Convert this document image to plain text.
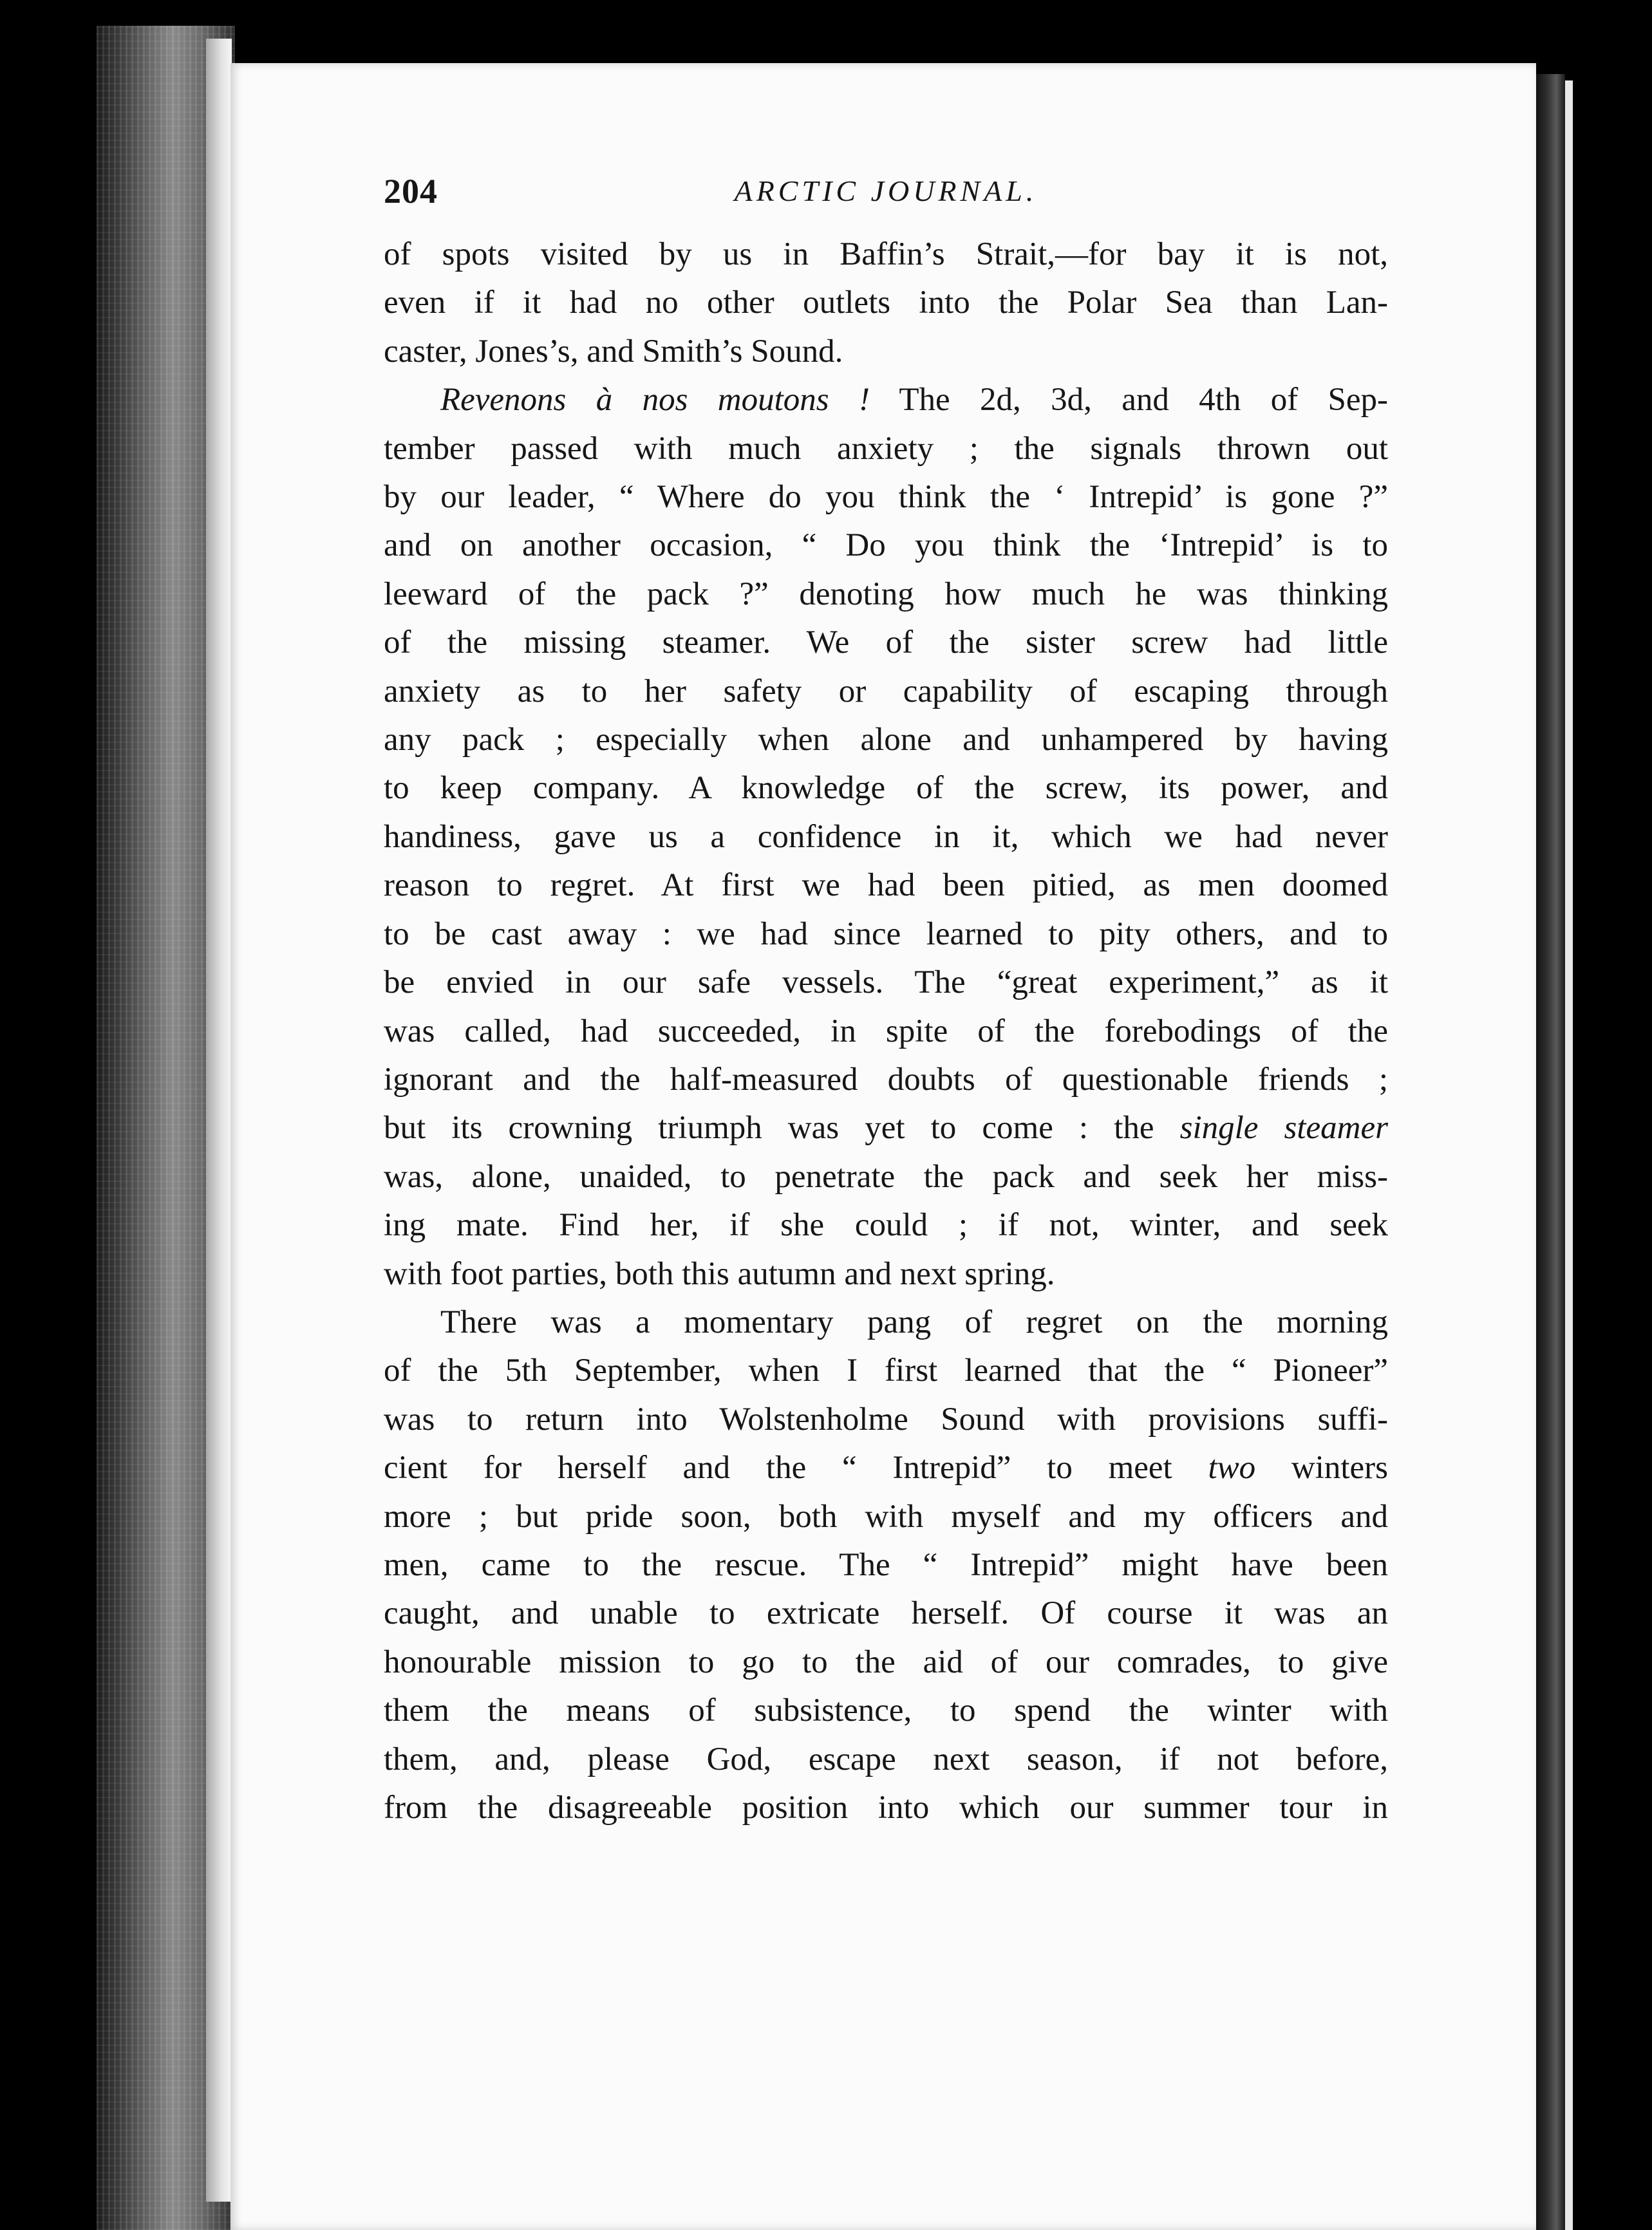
204	ARCTIC JOURNAL.

of spots visited by us in Baffin’s Strait,—for bay it is not,

even if it had no other outlets into the Polar Sea than Lan-

caster, Jones’s, and Smith’s Sound.

Revenons à nos moutons ! The 2d, 3d, and 4th of Sep-

tember passed with much anxiety ; the signals thrown out

by our leader, “ Where do you think the ‘ Intrepid’ is gone ?”

and on another occasion, “ Do you think the ‘Intrepid’ is to

leeward of the pack ?” denoting how much he was thinking

of the missing steamer. We of the sister screw had little

anxiety as to her safety or capability of escaping through

any pack ; especially when alone and unhampered by having

to keep company. A knowledge of the screw, its power, and

handiness, gave us a confidence in it, which we had never

reason to regret. At first we had been pitied, as men doomed

to be cast away : we had since learned to pity others, and to

be envied in our safe vessels. The “great experiment,” as it

was called, had succeeded, in spite of the forebodings of the

ignorant and the half-measured doubts of questionable friends ;

but its crowning triumph was yet to come : the single steamer

was, alone, unaided, to penetrate the pack and seek her miss-

ing mate. Find her, if she could ; if not, winter, and seek

with foot parties, both this autumn and next spring.

There was a momentary pang of regret on the morning

of the 5th September, when I first learned that the “ Pioneer”

was to return into Wolstenholme Sound with provisions suffi-

cient for herself and the “ Intrepid” to meet two winters

more ; but pride soon, both with myself and my officers and

men, came to the rescue. The “ Intrepid” might have been

caught, and unable to extricate herself. Of course it was an

honourable mission to go to the aid of our comrades, to give

them the means of subsistence, to spend the winter with

them, and, please God, escape next season, if not before,

from the disagreeable position into which our summer tour in
